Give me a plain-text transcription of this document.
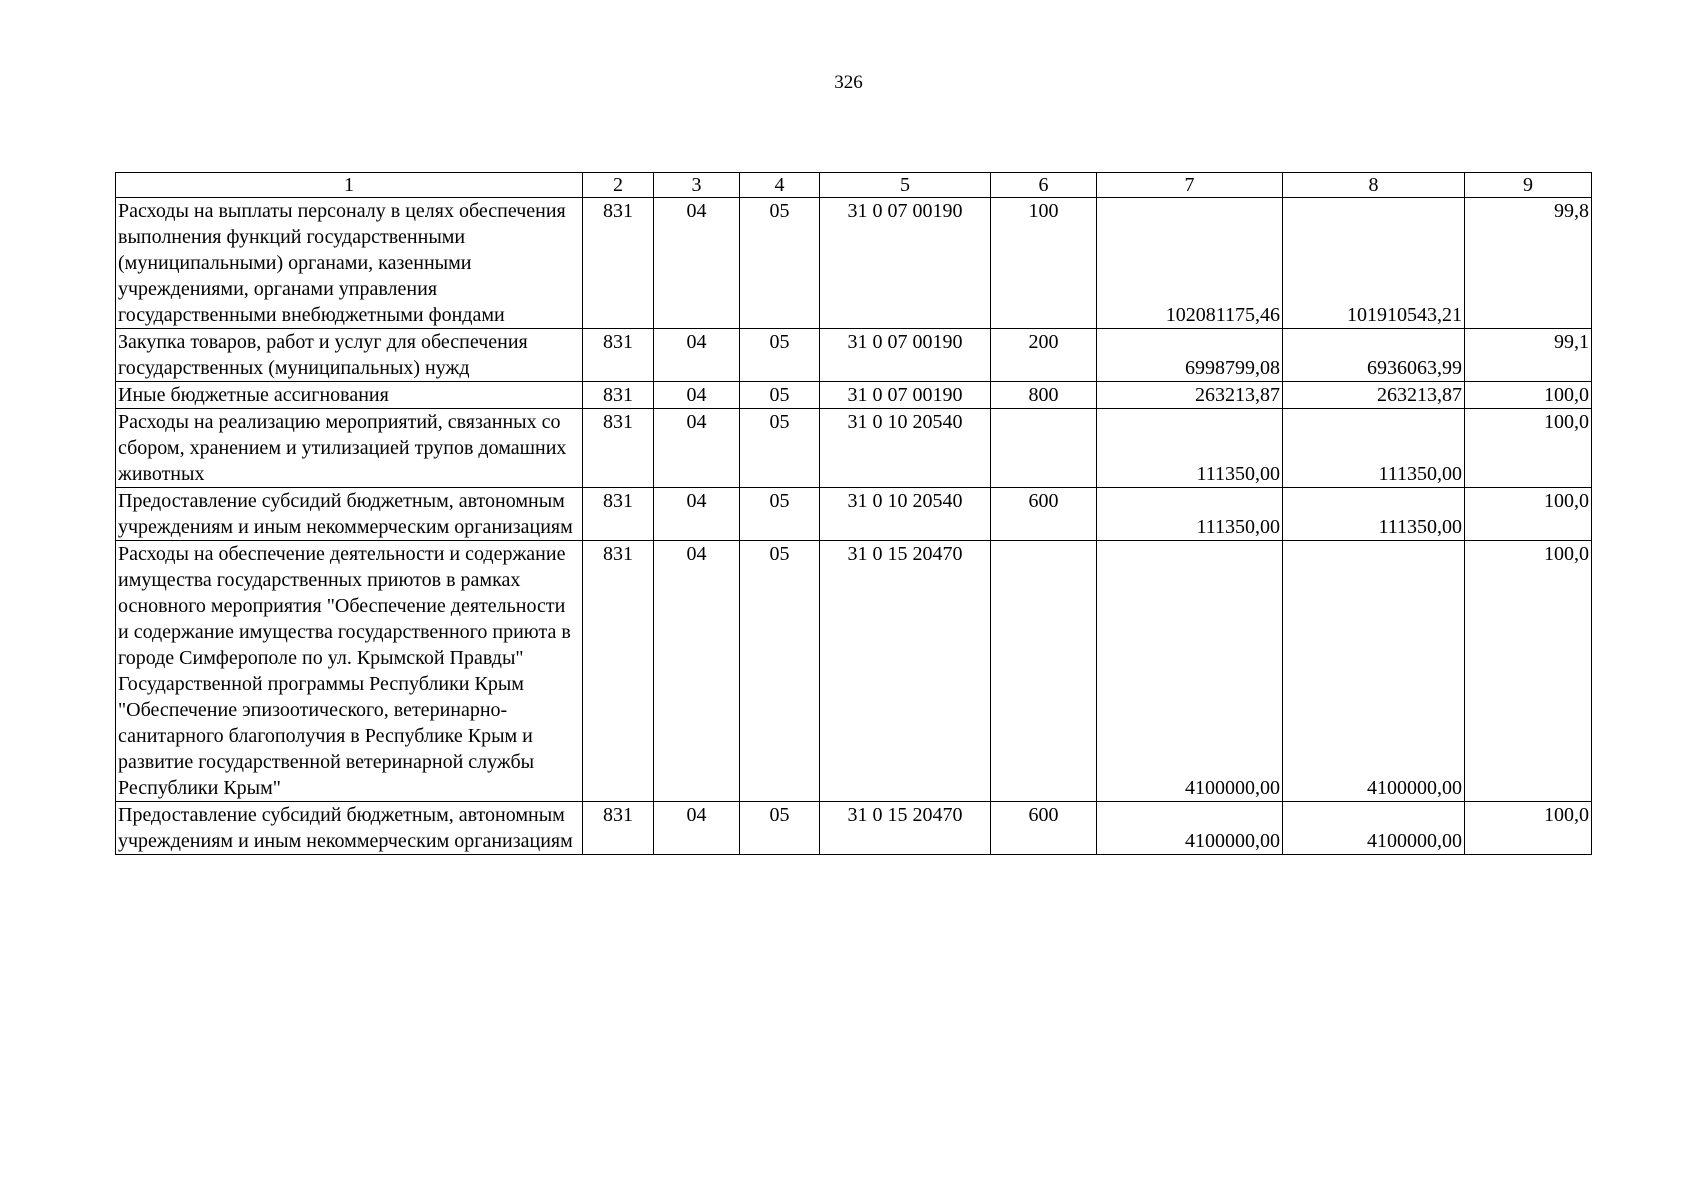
326
1	2	3	4	5	6	7	8	9
Расходы на выплаты персоналу в целях обеспечения выполнения функций государственными (муниципальными) органами, казенными учреждениями, органами управления государственными внебюджетными фондами	831	04	05	31 0 07 00190	100	102081175,46	101910543,21	99,8
Закупка товаров, работ и услуг для обеспечения государственных (муниципальных) нужд	831	04	05	31 0 07 00190	200	6998799,08	6936063,99	99,1
Иные бюджетные ассигнования	831	04	05	31 0 07 00190	800	263213,87	263213,87	100,0
Расходы на реализацию мероприятий, связанных со сбором, хранением и утилизацией трупов домашних животных	831	04	05	31 0 10 20540		111350,00	111350,00	100,0
Предоставление субсидий бюджетным, автономным учреждениям и иным некоммерческим организациям	831	04	05	31 0 10 20540	600	111350,00	111350,00	100,0
Расходы на обеспечение деятельности и содержание имущества государственных приютов в рамках основного мероприятия "Обеспечение деятельности и содержание имущества государственного приюта в городе Симферополе по ул. Крымской Правды" Государственной программы Республики Крым "Обеспечение эпизоотического, ветеринарно-санитарного благополучия в Республике Крым и развитие государственной ветеринарной службы Республики Крым"	831	04	05	31 0 15 20470		4100000,00	4100000,00	100,0
Предоставление субсидий бюджетным, автономным учреждениям и иным некоммерческим организациям	831	04	05	31 0 15 20470	600	4100000,00	4100000,00	100,0
